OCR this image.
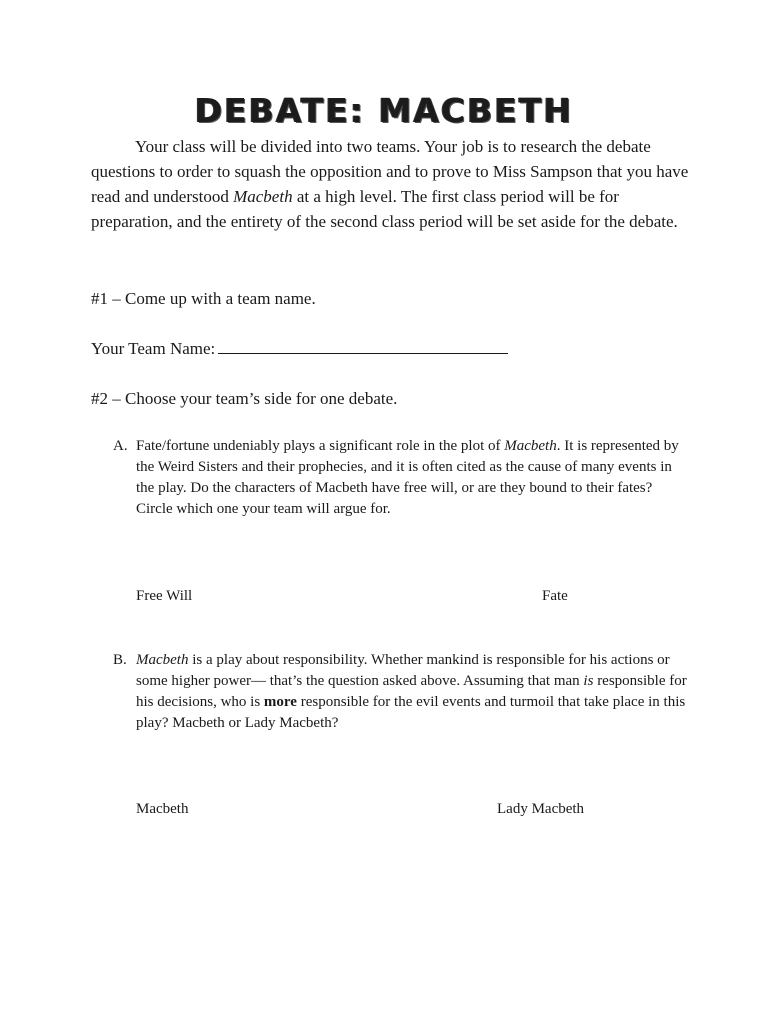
DEBATE: MACBETH

Your class will be divided into two teams. Your job is to research the debate questions to order to squash the opposition and to prove to Miss Sampson that you have read and understood Macbeth at a high level. The first class period will be for preparation, and the entirety of the second class period will be set aside for the debate.

#1 – Come up with a team name.

Your Team Name:

#2 – Choose your team’s side for one debate.

A. Fate/fortune undeniably plays a significant role in the plot of Macbeth. It is represented by the Weird Sisters and their prophecies, and it is often cited as the cause of many events in the play. Do the characters of Macbeth have free will, or are they bound to their fates? Circle which one your team will argue for.
Free Will	Fate
B. Macbeth is a play about responsibility. Whether mankind is responsible for his actions or some higher power— that’s the question asked above. Assuming that man is responsible for his decisions, who is more responsible for the evil events and turmoil that take place in this play? Macbeth or Lady Macbeth?
Macbeth	Lady Macbeth
